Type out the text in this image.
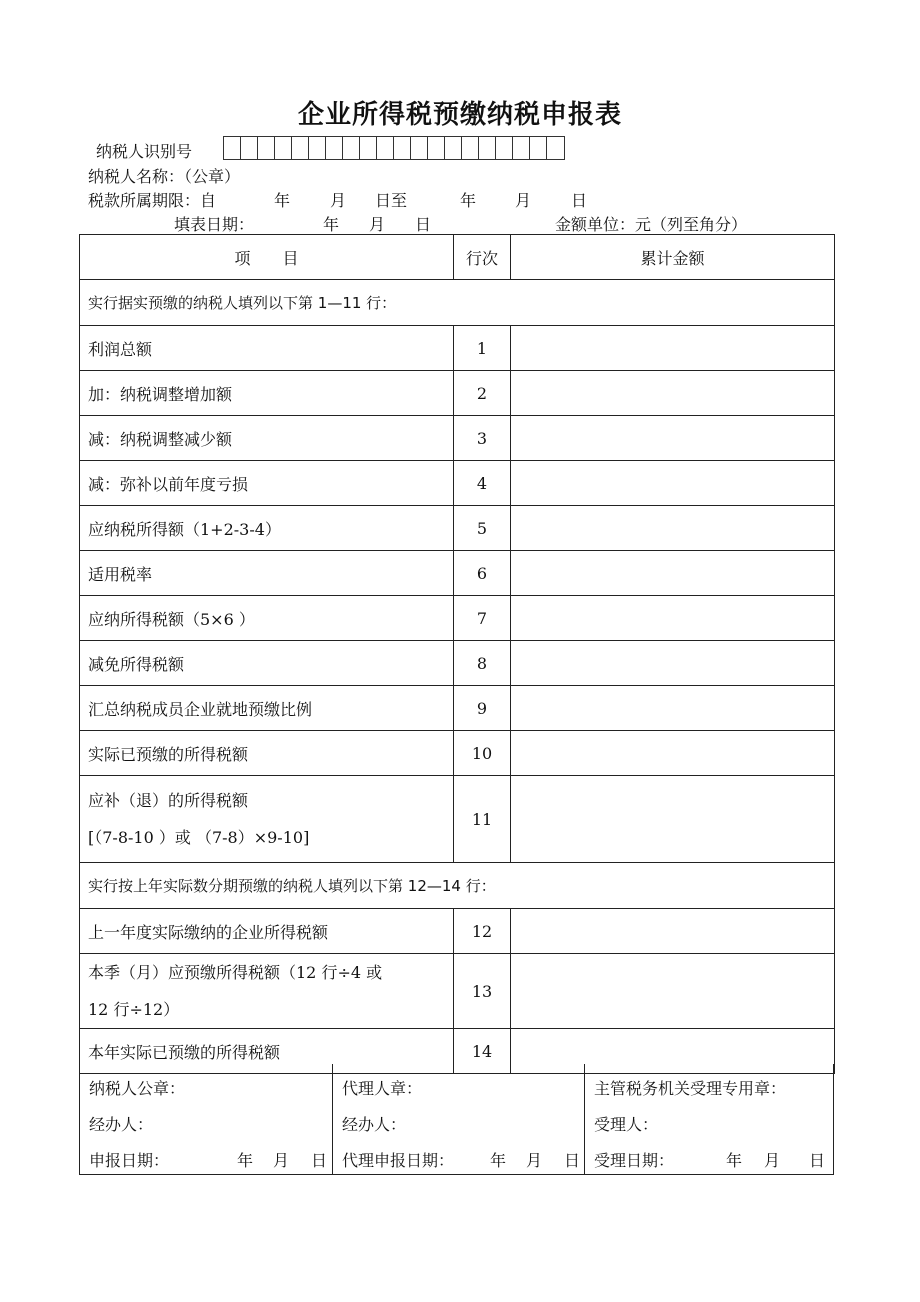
企业所得税预缴纳税申报表
纳税人识别号
纳税人名称：（公章）
税款所属期限：自	年 月 日至	年 月 日
填表日期：	年 月 日	金额单位：元（列至角分）
项　　目	行次	累计金额
实行据实预缴的纳税人填列以下第 1—11 行：		
利润总额	1	
加：纳税调整增加额	2	
减：纳税调整减少额	3	
减：弥补以前年度亏损	4	
应纳税所得额（1+2-3-4）	5	
适用税率	6	
应纳所得税额（5×6 ）	7	
减免所得税额	8	
汇总纳税成员企业就地预缴比例	9	
实际已预缴的所得税额	10	

应补（退）的所得税额
[（7-8-10 ）或 （7-8）×9-10]	11	
实行按上年实际数分期预缴的纳税人填列以下第 12—14 行：		
上一年度实际缴纳的企业所得税额	12	

本季（月）应预缴所得税额（12 行÷4 或
12 行÷12）	13	
本年实际已预缴的所得税额	14	
纳税人公章：
经办人：
申报日期：	年 月 日
代理人章：
经办人：
代理申报日期： 年 月 日
主管税务机关受理专用章：
受理人：
受理日期：	年 月 日
